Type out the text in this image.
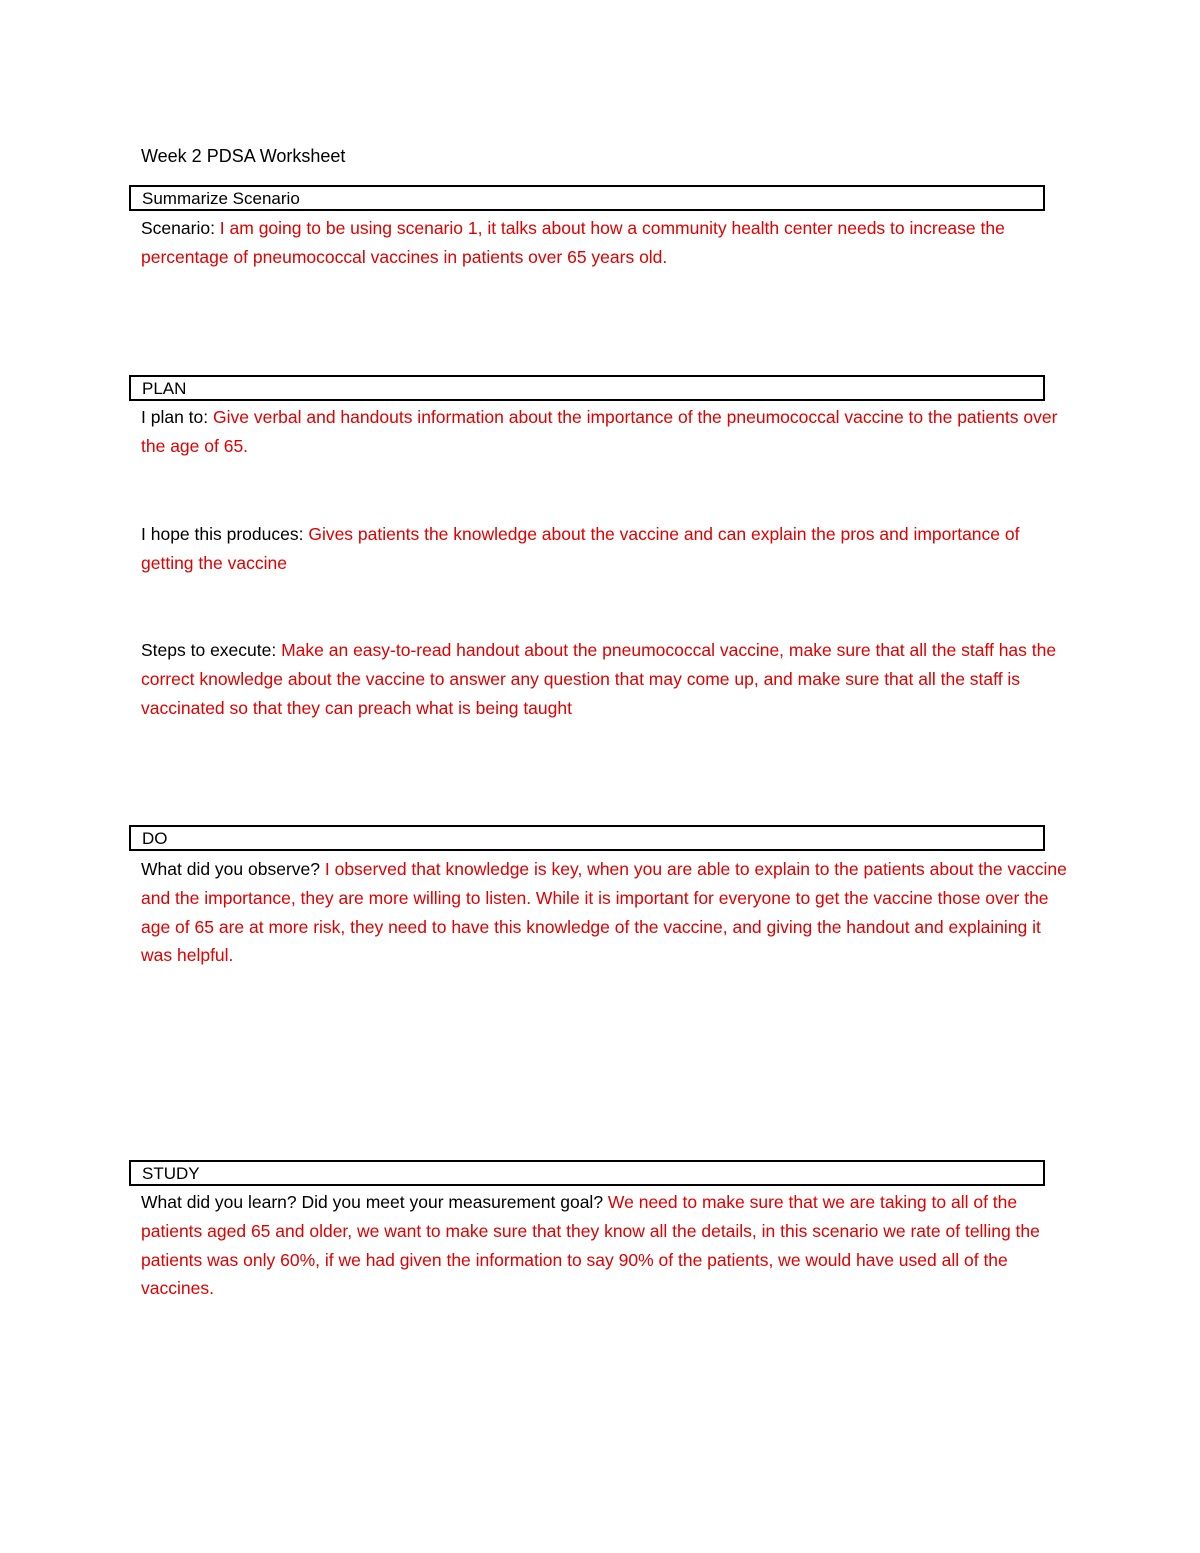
Week 2 PDSA Worksheet
Summarize Scenario

Scenario: I am going to be using scenario 1, it talks about how a community health center needs to increase the percentage of pneumococcal vaccines in patients over 65 years old.

PLAN

I plan to: Give verbal and handouts information about the importance of the pneumococcal vaccine to the patients over the age of 65.

I hope this produces: Gives patients the knowledge about the vaccine and can explain the pros and importance of getting the vaccine

Steps to execute: Make an easy-to-read handout about the pneumococcal vaccine, make sure that all the staff has the correct knowledge about the vaccine to answer any question that may come up, and make sure that all the staff is vaccinated so that they can preach what is being taught

DO

What did you observe? I observed that knowledge is key, when you are able to explain to the patients about the vaccine and the importance, they are more willing to listen. While it is important for everyone to get the vaccine those over the age of 65 are at more risk, they need to have this knowledge of the vaccine, and giving the handout and explaining it was helpful.

STUDY

What did you learn? Did you meet your measurement goal? We need to make sure that we are taking to all of the patients aged 65 and older, we want to make sure that they know all the details, in this scenario we rate of telling the patients was only 60%, if we had given the information to say 90% of the patients, we would have used all of the vaccines.
